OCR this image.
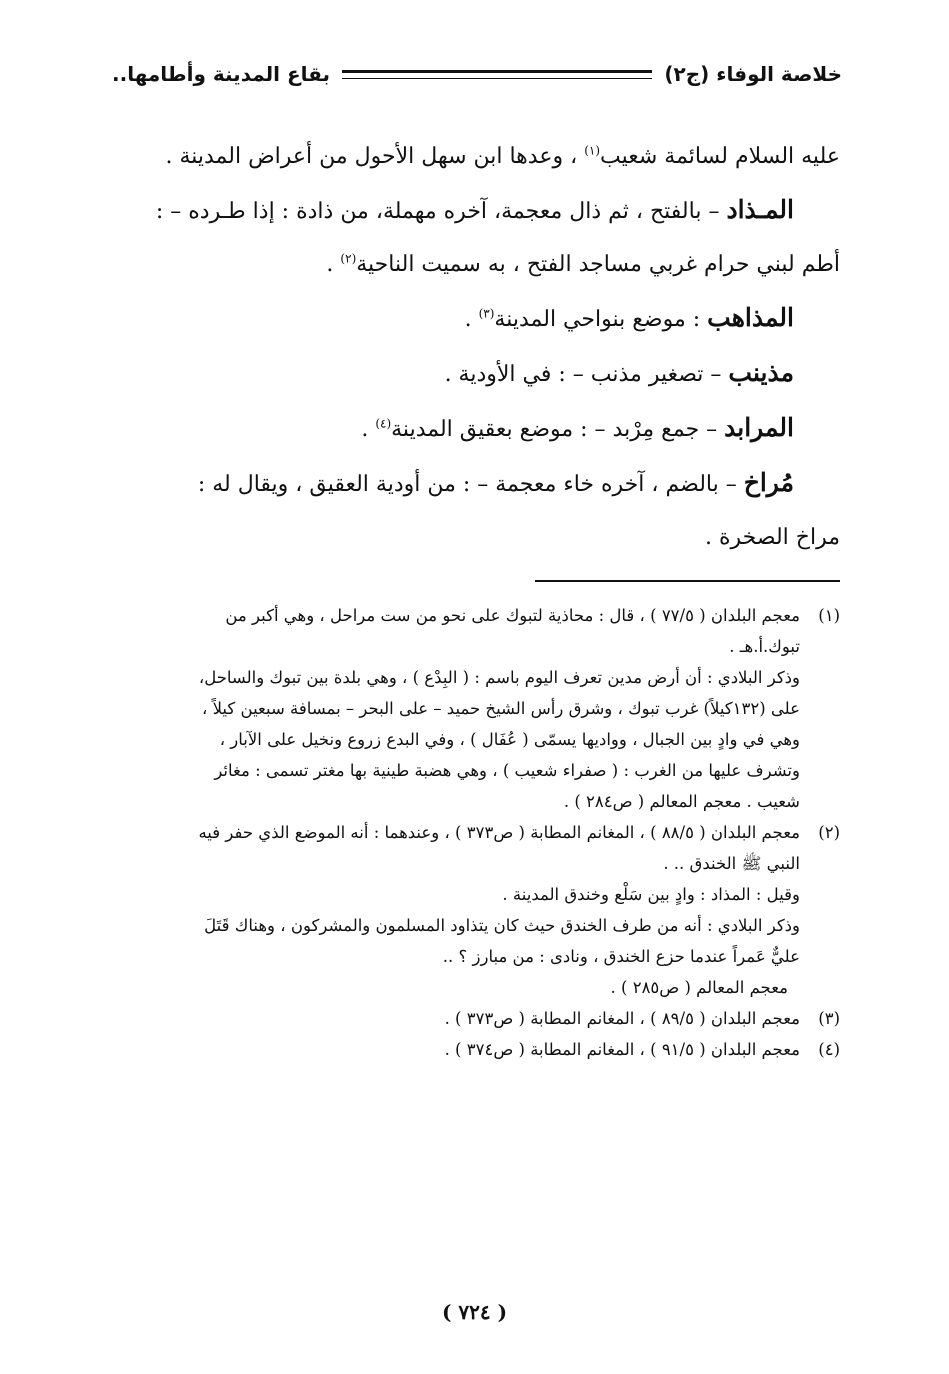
خلاصة الوفاء (ج٢)
بقاع المدينة وأطامها..

عليه السلام لسائمة شعيب$^{(١)}$ ، وعدها ابن سهل الأحول من أعراض المدينة .

المـذاد – بالفتح ، ثم ذال معجمة، آخره مهملة، من ذادة : إذا طـرده – :

أطم لبني حرام غربي مساجد الفتح ، به سميت الناحية$^{(٢)}$ .

المذاهب : موضع بنواحي المدينة$^{(٣)}$ .

مذينب – تصغير مذنب – : في الأودية .

المرابد – جمع مِرْبد – : موضع بعقيق المدينة$^{(٤)}$ .

مُراخ – بالضم ، آخره خاء معجمة – : من أودية العقيق ، ويقال له :

مراخ الصخرة .

(١)

معجم البلدان ( ٧٧/٥ ) ، قال : محاذية لتبوك على نحو من ست مراحل ، وهي أكبر من

تبوك.أ.هـ .

وذكر البلادي : أن أرض مدين تعرف اليوم باسم : ( البِدْع ) ، وهي بلدة بين تبوك والساحل،

على (١٣٢كيلاً) غرب تبوك ، وشرق رأس الشيخ حميد – على البحر – بمسافة سبعين كيلاً ،

وهي في وادٍ بين الجبال ، وواديها يسمّى ( عُفَال ) ، وفي البدع زروع ونخيل على الآبار ،

وتشرف عليها من الغرب : ( صفراء شعيب ) ، وهي هضبة طينية بها مغتر تسمى : مغائر

شعيب . معجم المعالم ( ص٢٨٤ ) .

(٢)

معجم البلدان ( ٨٨/٥ ) ، المغانم المطابة ( ص٣٧٣ ) ، وعندهما : أنه الموضع الذي حفر فيه

النبي ﷺ الخندق .. .

وقيل : المذاد : وادٍ بين سَلْع وخندق المدينة .

وذكر البلادي : أنه من طرف الخندق حيث كان يتذاود المسلمون والمشركون ، وهناك قَتَلَ

عليٌّ عَمراً عندما حزع الخندق ، ونادى : من مبارز ؟ ..

معجم المعالم ( ص٢٨٥ ) .

(٣)

معجم البلدان ( ٨٩/٥ ) ، المغانم المطابة ( ص٣٧٣ ) .

(٤)

معجم البلدان ( ٩١/٥ ) ، المغانم المطابة ( ص٣٧٤ ) .

( ٧٢٤ )
